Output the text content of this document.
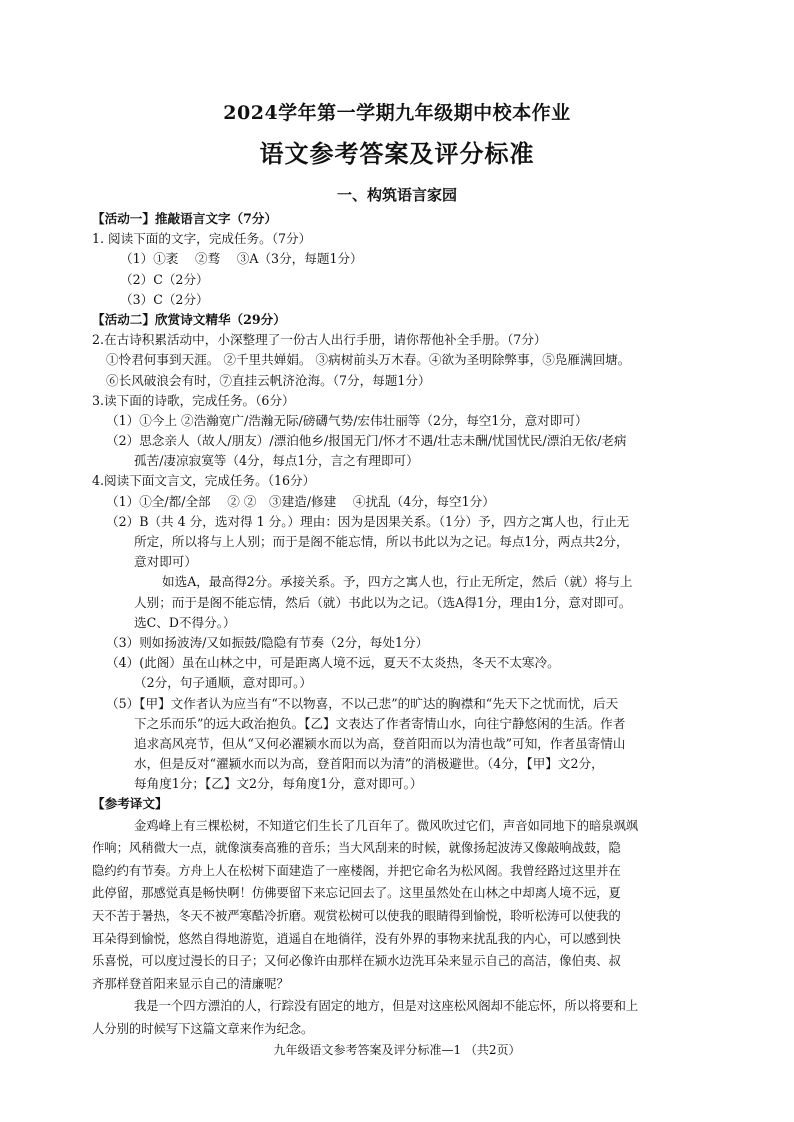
2024学年第一学期九年级期中校本作业
语文参考答案及评分标准
一、构筑语言家园
【活动一】推敲语言文字（7分）
1. 阅读下面的文字，完成任务。（7分）
（1）①袤　 ②骛　 ③A（3分，每题1分）
（2）C（2分）
（3）C（2分）
【活动二】欣赏诗文精华（29分）
2.在古诗积累活动中，小深整理了一份古人出行手册，请你帮他补全手册。（7分）
①怜君何事到天涯。 ②千里共婵娟。 ③病树前头万木春。④欲为圣明除弊事，⑤凫雁满回塘。
⑥长风破浪会有时，⑦直挂云帆济沧海。（7分，每题1分）
3.读下面的诗歌，完成任务。（6分）
（1）①今上 ②浩瀚宽广/浩瀚无际/磅礴气势/宏伟壮丽等（2分，每空1分，意对即可）
（2）思念亲人（故人/朋友）/漂泊他乡/报国无门/怀才不遇/壮志未酬/忧国忧民/漂泊无依/老病
孤苦/凄凉寂寞等（4分，每点1分，言之有理即可）
4.阅读下面文言文，完成任务。（16分）
（1）①全/都/全部　 ② ②　③建造/修建　 ④扰乱（4分，每空1分）
（2）B（共 4 分，选对得 1 分。）理由：因为是因果关系。（1分）予，四方之寓人也，行止无
所定，所以将与上人别；而于是阁不能忘情，所以书此以为之记。每点1分，两点共2分，
意对即可）
如选A，最高得2分。承接关系。予，四方之寓人也，行止无所定，然后（就）将与上
人别；而于是阁不能忘情，然后（就）书此以为之记。（选A得1分，理由1分，意对即可。
选C、D不得分。）
（3）则如扬波涛/又如振鼓/隐隐有节奏（2分，每处1分）
（4）(此阁）虽在山林之中，可是距离人境不远，夏天不太炎热，冬天不太寒冷。
（2分，句子通顺，意对即可。）
（5）【甲】文作者认为应当有“不以物喜，不以己悲”的旷达的胸襟和“先天下之忧而忧，后天
下之乐而乐”的远大政治抱负。【乙】文表达了作者寄情山水，向往宁静悠闲的生活。作者
追求高风亮节，但从“又何必濯颍水而以为高，登首阳而以为清也哉”可知，作者虽寄情山
水，但是反对“濯颍水而以为高，登首阳而以为清”的消极避世。（4分，【甲】文2分，
每角度1分；【乙】文2分，每角度1分，意对即可。）
【参考译文】
金鸡峰上有三棵松树，不知道它们生长了几百年了。微风吹过它们，声音如同地下的暗泉飒飒
作响；风稍微大一点，就像演奏高雅的音乐；当大风刮来的时候，就像扬起波涛又像敲响战鼓，隐
隐约约有节奏。方舟上人在松树下面建造了一座楼阁，并把它命名为松风阁。我曾经路过这里并在
此停留，那感觉真是畅快啊！仿佛要留下来忘记回去了。这里虽然处在山林之中却离人境不远，夏
天不苦于暑热，冬天不被严寒酷冷折磨。观赏松树可以使我的眼睛得到愉悦，聆听松涛可以使我的
耳朵得到愉悦，悠然自得地游览，逍遥自在地徜徉，没有外界的事物来扰乱我的内心，可以感到快
乐喜悦，可以度过漫长的日子；又何必像许由那样在颍水边洗耳朵来显示自己的高洁，像伯夷、叔
齐那样登首阳来显示自己的清廉呢？
我是一个四方漂泊的人，行踪没有固定的地方，但是对这座松风阁却不能忘怀，所以将要和上
人分别的时候写下这篇文章来作为纪念。
九年级语文参考答案及评分标准—1 （共2页）
